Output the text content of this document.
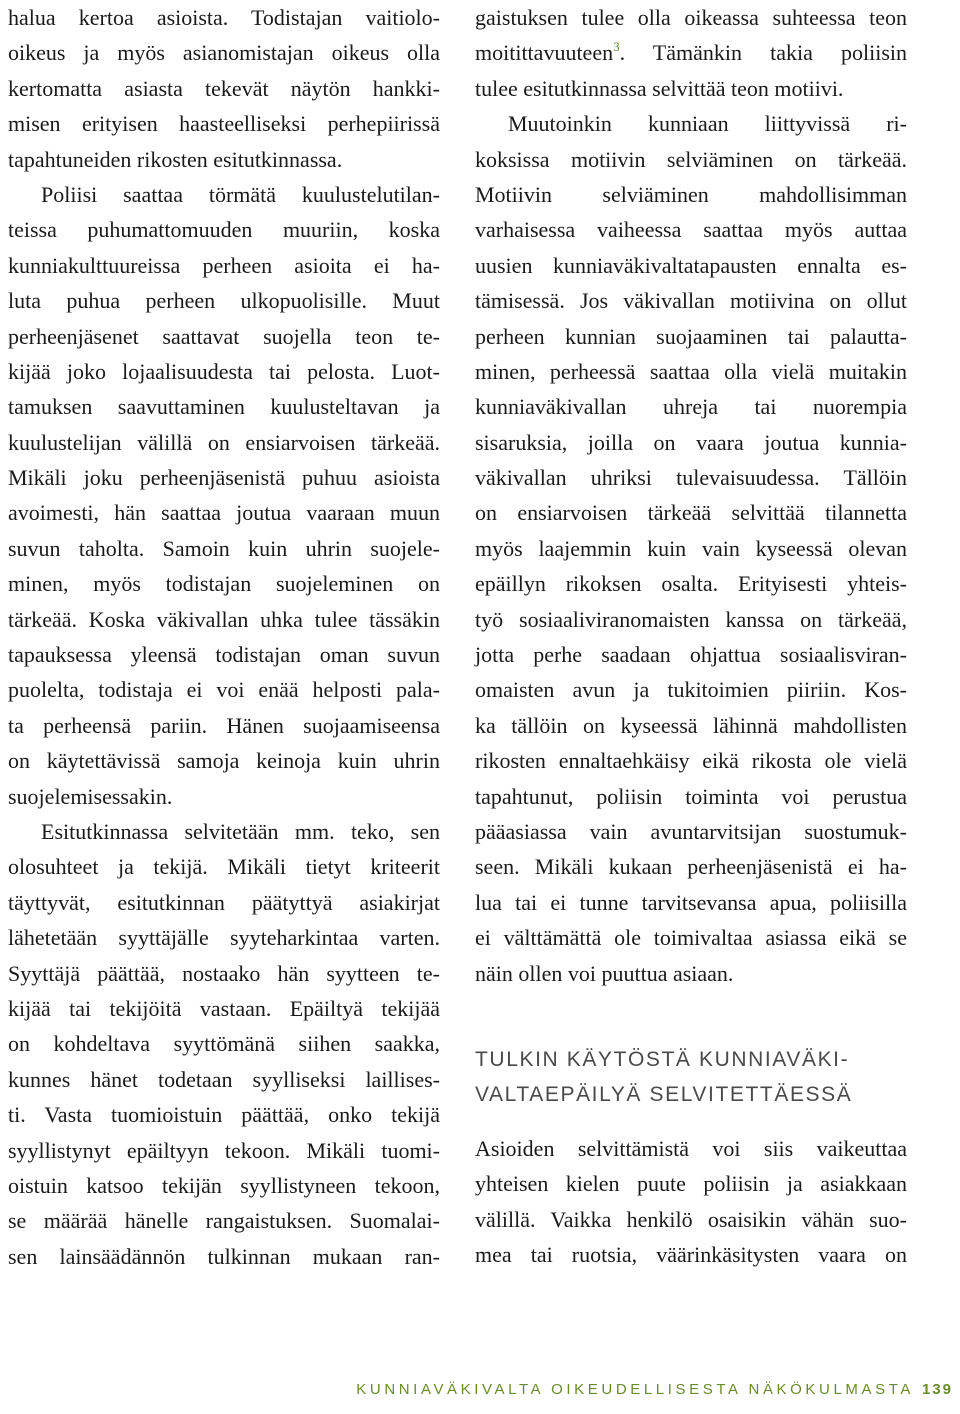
halua kertoa asioista. Todistajan vaitiolo-
oikeus ja myös asianomistajan oikeus olla
kertomatta asiasta tekevät näytön hankki-
misen erityisen haasteelliseksi perhepiirissä
tapahtuneiden rikosten esitutkinnassa.
Poliisi saattaa törmätä kuulustelutilan-
teissa puhumattomuuden muuriin, koska
kunniakulttuureissa perheen asioita ei ha-
luta puhua perheen ulkopuolisille. Muut
perheenjäsenet saattavat suojella teon te-
kijää joko lojaalisuudesta tai pelosta. Luot-
tamuksen saavuttaminen kuulusteltavan ja
kuulustelijan välillä on ensiarvoisen tärkeää.
Mikäli joku perheenjäsenistä puhuu asioista
avoimesti, hän saattaa joutua vaaraan muun
suvun taholta. Samoin kuin uhrin suojele-
minen, myös todistajan suojeleminen on
tärkeää. Koska väkivallan uhka tulee tässäkin
tapauksessa yleensä todistajan oman suvun
puolelta, todistaja ei voi enää helposti pala-
ta perheensä pariin. Hänen suojaamiseensa
on käytettävissä samoja keinoja kuin uhrin
suojelemisessakin.
Esitutkinnassa selvitetään mm. teko, sen
olosuhteet ja tekijä. Mikäli tietyt kriteerit
täyttyvät, esitutkinnan päätyttyä asiakirjat
lähetetään syyttäjälle syyteharkintaa varten.
Syyttäjä päättää, nostaako hän syytteen te-
kijää tai tekijöitä vastaan. Epäiltyä tekijää
on kohdeltava syyttömänä siihen saakka,
kunnes hänet todetaan syylliseksi laillises-
ti. Vasta tuomioistuin päättää, onko tekijä
syyllistynyt epäiltyyn tekoon. Mikäli tuomi-
oistuin katsoo tekijän syyllistyneen tekoon,
se määrää hänelle rangaistuksen. Suomalai-
sen lainsäädännön tulkinnan mukaan ran-
gaistuksen tulee olla oikeassa suhteessa teon
moitittavuuteen$^3$. Tämänkin takia poliisin
tulee esitutkinnassa selvittää teon motiivi.
Muutoinkin kunniaan liittyvissä ri-
koksissa motiivin selviäminen on tärkeää.
Motiivin selviäminen mahdollisimman
varhaisessa vaiheessa saattaa myös auttaa
uusien kunniaväkivaltatapausten ennalta es-
tämisessä. Jos väkivallan motiivina on ollut
perheen kunnian suojaaminen tai palautta-
minen, perheessä saattaa olla vielä muitakin
kunniaväkivallan uhreja tai nuorempia
sisaruksia, joilla on vaara joutua kunnia-
väkivallan uhriksi tulevaisuudessa. Tällöin
on ensiarvoisen tärkeää selvittää tilannetta
myös laajemmin kuin vain kyseessä olevan
epäillyn rikoksen osalta. Erityisesti yhteis-
työ sosiaaliviranomaisten kanssa on tärkeää,
jotta perhe saadaan ohjattua sosiaalisviran-
omaisten avun ja tukitoimien piiriin. Kos-
ka tällöin on kyseessä lähinnä mahdollisten
rikosten ennaltaehkäisy eikä rikosta ole vielä
tapahtunut, poliisin toiminta voi perustua
pääasiassa vain avuntarvitsijan suostumuk-
seen. Mikäli kukaan perheenjäsenistä ei ha-
lua tai ei tunne tarvitsevansa apua, poliisilla
ei välttämättä ole toimivaltaa asiassa eikä se
näin ollen voi puuttua asiaan.
TULKIN KÄYTÖSTÄ KUNNIAVÄKI-
VALTAEPÄILYÄ SELVITETTÄESSÄ
Asioiden selvittämistä voi siis vaikeuttaa
yhteisen kielen puute poliisin ja asiakkaan
välillä. Vaikka henkilö osaisikin vähän suo-
mea tai ruotsia, väärinkäsitysten vaara on
KUNNIAVÄKIVALTA OIKEUDELLISESTA NÄKÖKULMASTA 139
